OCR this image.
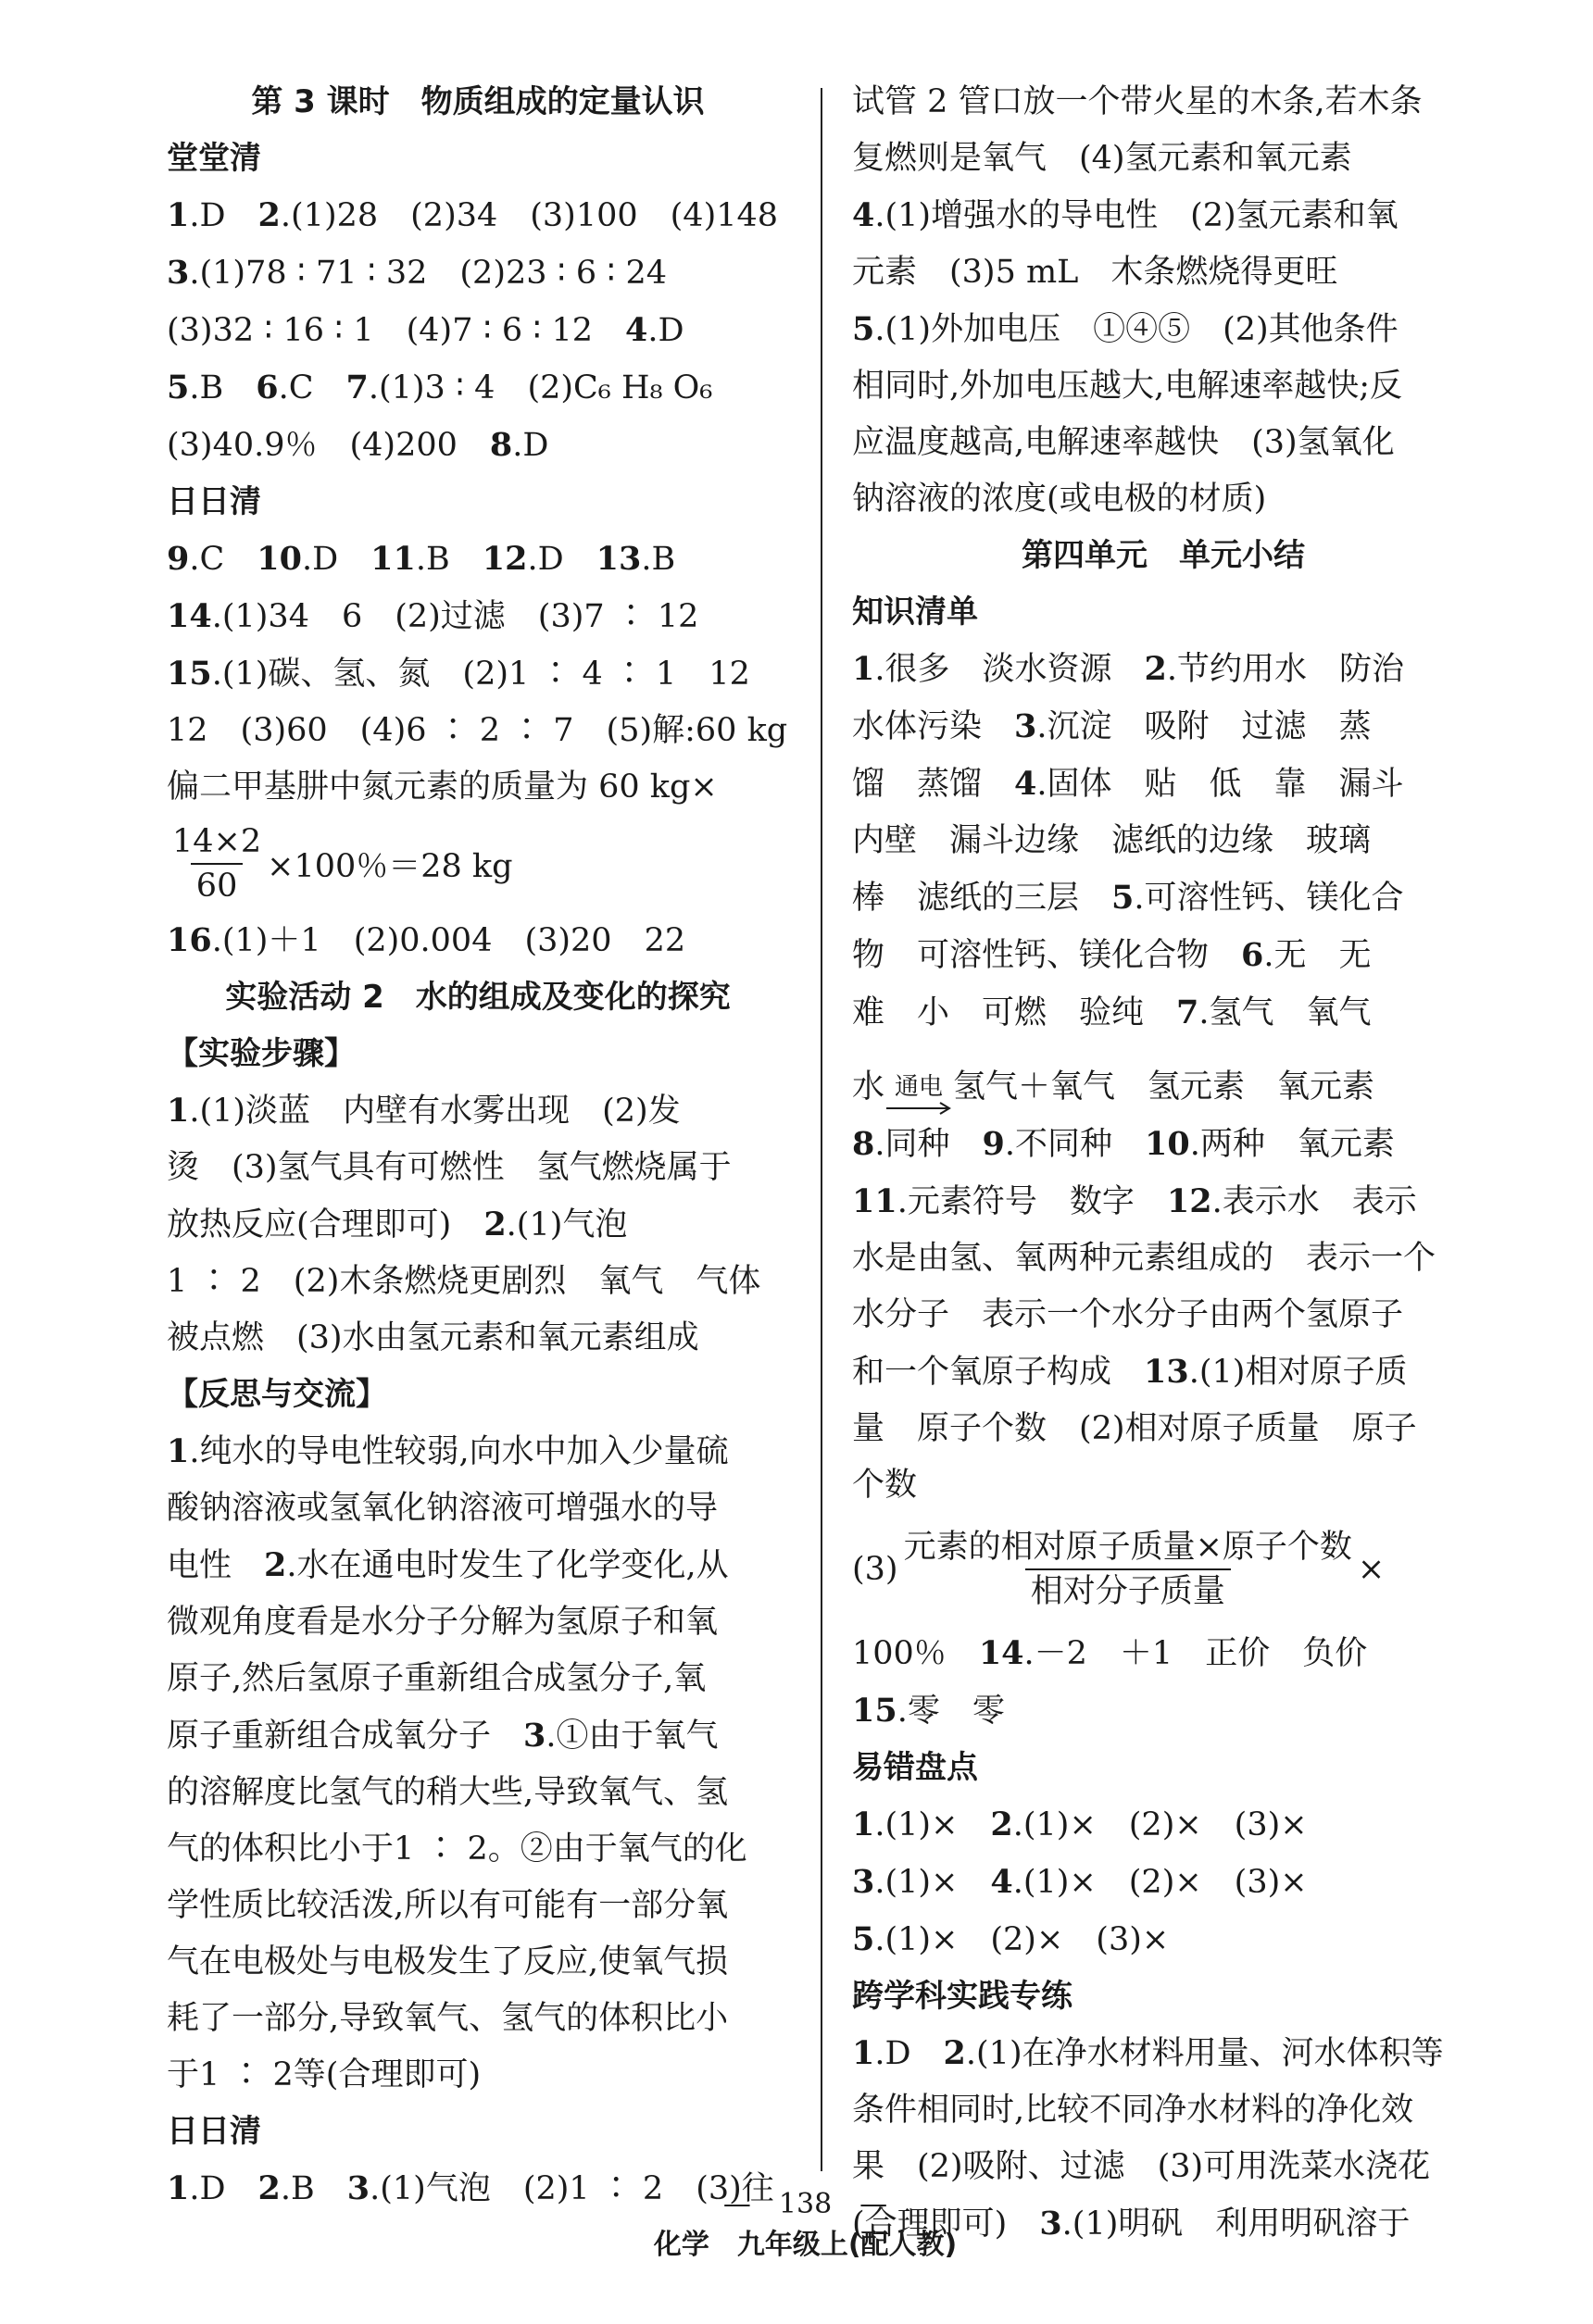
第 3 课时　物质组成的定量认识
堂堂清
1.D　2.(1)28　(2)34　(3)100　(4)148
3.(1)78 ∶ 71 ∶ 32　(2)23 ∶ 6 ∶ 24
(3)32 ∶ 16 ∶ 1　(4)7 ∶ 6 ∶ 12　4.D
5.B　6.C　7.(1)3 ∶ 4　(2)C₆ H₈ O₆
(3)40.9％　(4)200　8.D
日日清
9.C　10.D　11.B　12.D　13.B
14.(1)34　6　(2)过滤　(3)7 ∶ 12
15.(1)碳、氢、氮　(2)1 ∶ 4 ∶ 1　12
12　(3)60　(4)6 ∶ 2 ∶ 7　(5)解:60 kg
偏二甲基肼中氮元素的质量为 60 kg×
$\frac{14\times 2}{60} \times 100$％＝28 kg
16.(1)＋1　(2)0.004　(3)20　22
实验活动 2　水的组成及变化的探究
【实验步骤】
1.(1)淡蓝　内壁有水雾出现　(2)发
烫　(3)氢气具有可燃性　氢气燃烧属于
放热反应(合理即可)　2.(1)气泡
1 ∶ 2　(2)木条燃烧更剧烈　氧气　气体
被点燃　(3)水由氢元素和氧元素组成
【反思与交流】
1.纯水的导电性较弱,向水中加入少量硫
酸钠溶液或氢氧化钠溶液可增强水的导
电性　2.水在通电时发生了化学变化,从
微观角度看是水分子分解为氢原子和氧
原子,然后氢原子重新组合成氢分子,氧
原子重新组合成氧分子　3.①由于氧气
的溶解度比氢气的稍大些,导致氧气、氢
气的体积比小于1 ∶ 2。②由于氧气的化
学性质比较活泼,所以有可能有一部分氧
气在电极处与电极发生了反应,使氧气损
耗了一部分,导致氧气、氢气的体积比小
于1 ∶ 2等(合理即可)
日日清
1.D　2.B　3.(1)气泡　(2)1 ∶ 2　(3)往
试管 2 管口放一个带火星的木条,若木条
复燃则是氧气　(4)氢元素和氧元素
4.(1)增强水的导电性　(2)氢元素和氧
元素　(3)5 mL　木条燃烧得更旺
5.(1)外加电压　①④⑤　(2)其他条件
相同时,外加电压越大,电解速率越快;反
应温度越高,电解速率越快　(3)氢氧化
钠溶液的浓度(或电极的材质)
第四单元　单元小结
知识清单
1.很多　淡水资源　2.节约用水　防治
水体污染　3.沉淀　吸附　过滤　蒸
馏　蒸馏　4.固体　贴　低　靠　漏斗
内壁　漏斗边缘　滤纸的边缘　玻璃
棒　滤纸的三层　5.可溶性钙、镁化合
物　可溶性钙、镁化合物　6.无　无
难　小　可燃　验纯　7.氢气　氧气
水 通电 氢气＋氧气　氢元素　氧元素
8.同种　9.不同种　10.两种　氧元素
11.元素符号　数字　12.表示水　表示
水是由氢、氧两种元素组成的　表示一个
水分子　表示一个水分子由两个氢原子
和一个氧原子构成　13.(1)相对原子质
量　原子个数　(2)相对原子质量　原子
个数
$(3) \frac{\text{元素的相对原子质量×原子个数}}{\text{相对分子质量}}$ ×
100％　14.－2　＋1　正价　负价
15.零　零
易错盘点
1.(1)×　2.(1)×　(2)×　(3)×
3.(1)×　4.(1)×　(2)×　(3)×
5.(1)×　(2)×　(3)×
跨学科实践专练
1.D　2.(1)在净水材料用量、河水体积等
条件相同时,比较不同净水材料的净化效
果　(2)吸附、过滤　(3)可用洗菜水浇花
(合理即可)　3.(1)明矾　利用明矾溶于

—　138　—
化学　九年级上(配人教)
